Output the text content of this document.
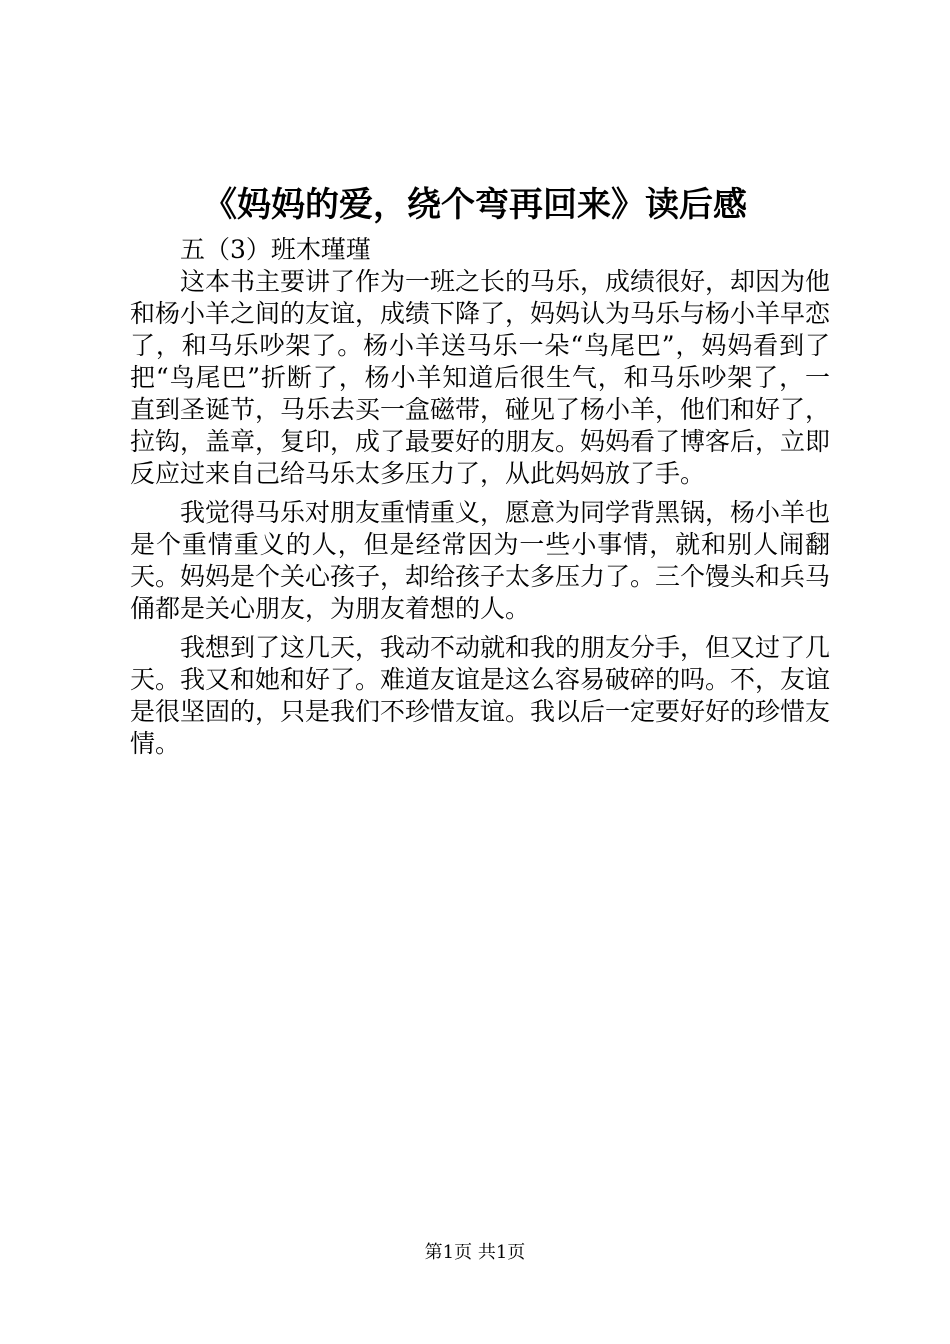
《妈妈的爱，绕个弯再回来》读后感

五（3）班木瑾瑾

这本书主要讲了作为一班之长的马乐，成绩很好，却因为他和杨小羊之间的友谊，成绩下降了，妈妈认为马乐与杨小羊早恋了，和马乐吵架了。杨小羊送马乐一朵“鸟尾巴”，妈妈看到了把“鸟尾巴”折断了，杨小羊知道后很生气，和马乐吵架了，一直到圣诞节，马乐去买一盒磁带，碰见了杨小羊，他们和好了，拉钩，盖章，复印，成了最要好的朋友。妈妈看了博客后，立即反应过来自己给马乐太多压力了，从此妈妈放了手。

我觉得马乐对朋友重情重义，愿意为同学背黑锅，杨小羊也是个重情重义的人，但是经常因为一些小事情，就和别人闹翻天。妈妈是个关心孩子，却给孩子太多压力了。三个馒头和兵马俑都是关心朋友，为朋友着想的人。

我想到了这几天，我动不动就和我的朋友分手，但又过了几天。我又和她和好了。难道友谊是这么容易破碎的吗。不，友谊是很坚固的，只是我们不珍惜友谊。我以后一定要好好的珍惜友情。

第1页 共1页
